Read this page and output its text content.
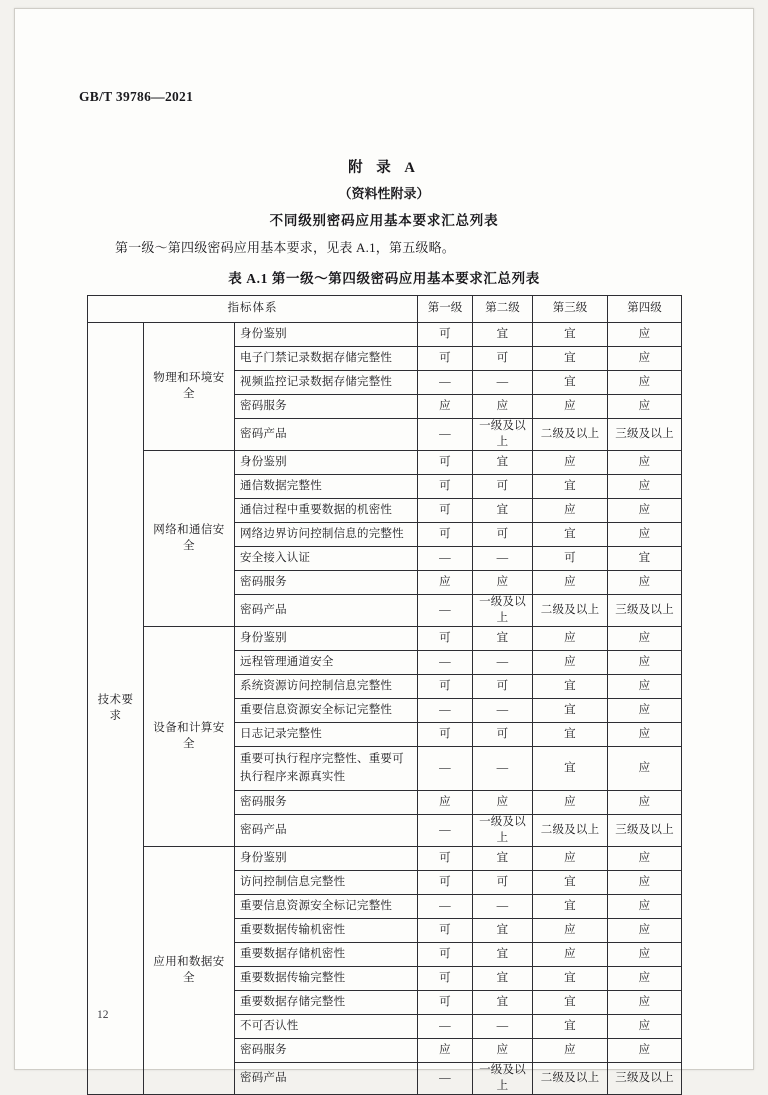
GB/T 39786—2021
附 录 A
（资料性附录）
不同级别密码应用基本要求汇总列表
第一级～第四级密码应用基本要求，见表 A.1，第五级略。
表 A.1 第一级～第四级密码应用基本要求汇总列表
指标体系			第一级	第二级	第三级	第四级
技术要求	物理和环境安全	身份鉴别	可	宜	宜	应
		电子门禁记录数据存储完整性	可	可	宜	应
		视频监控记录数据存储完整性	—	—	宜	应
		密码服务	应	应	应	应
		密码产品	—	一级及以上	二级及以上	三级及以上
	网络和通信安全	身份鉴别	可	宜	应	应
		通信数据完整性	可	可	宜	应
		通信过程中重要数据的机密性	可	宜	应	应
		网络边界访问控制信息的完整性	可	可	宜	应
		安全接入认证	—	—	可	宜
		密码服务	应	应	应	应
		密码产品	—	一级及以上	二级及以上	三级及以上
	设备和计算安全	身份鉴别	可	宜	应	应
		远程管理通道安全	—	—	应	应
		系统资源访问控制信息完整性	可	可	宜	应
		重要信息资源安全标记完整性	—	—	宜	应
		日志记录完整性	可	可	宜	应
		重要可执行程序完整性、重要可执行程序来源真实性	—	—	宜	应
		密码服务	应	应	应	应
		密码产品	—	一级及以上	二级及以上	三级及以上
	应用和数据安全	身份鉴别	可	宜	应	应
		访问控制信息完整性	可	可	宜	应
		重要信息资源安全标记完整性	—	—	宜	应
		重要数据传输机密性	可	宜	应	应
		重要数据存储机密性	可	宜	应	应
		重要数据传输完整性	可	宜	宜	应
		重要数据存储完整性	可	宜	宜	应
		不可否认性	—	—	宜	应
		密码服务	应	应	应	应
		密码产品	—	一级及以上	二级及以上	三级及以上
12
